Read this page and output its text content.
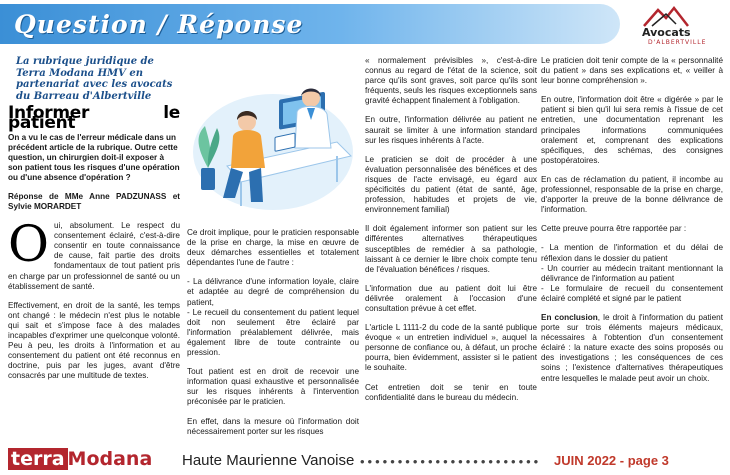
Question / Réponse	Avocats
D'ALBERTVILLE
La rubrique juridique de
Terra Modana HMV en
partenariat avec les avocats
du Barreau d'Albertville
Informer le patient

On a vu le cas de l'erreur médicale dans un précédent article de la rubrique. Outre cette question, un chirurgien doit-il exposer à son patient tous les risques d'une opération ou d'une absence d'opération ?

Réponse de MMe Anne PADZUNASS et Sylvie MORARDET

Oui, absolument. Le respect du consentement éclairé, c'est-à-dire consentir en toute connaissance de cause, fait partie des droits fondamentaux de tout patient pris en charge par un professionnel de santé ou un établissement de santé.

Effectivement, en droit de la santé, les temps ont changé : le médecin n'est plus le notable qui sait et s'impose face à des malades incapables d'exprimer une quelconque volonté. Peu à peu, les droits à l'information et au consentement du patient ont été reconnus en doctrine, puis par les juges, avant d'être consacrés par une multitude de textes.

Ce droit implique, pour le praticien responsable de la prise en charge, la mise en œuvre de deux démarches essentielles et totalement dépendantes l'une de l'autre :

- La délivrance d'une information loyale, claire et adaptée au degré de compréhension du patient,

- Le recueil du consentement du patient lequel doit non seulement être éclairé par l'information préalablement délivrée, mais également libre de toute contrainte ou pression.

Tout patient est en droit de recevoir une information quasi exhaustive et personnalisée sur les risques inhérents à l'intervention préconisée par le praticien.

En effet, dans la mesure où l'information doit nécessairement porter sur les risques

« normalement prévisibles », c'est-à-dire connus au regard de l'état de la science, soit parce qu'ils sont graves, soit parce qu'ils sont fréquents, seuls les risques exceptionnels sans gravité échappent finalement à l'obligation.

En outre, l'information délivrée au patient ne saurait se limiter à une information standard sur les risques inhérents à l'acte.

Le praticien se doit de procéder à une évaluation personnalisée des bénéfices et des risques de l'acte envisagé, eu égard aux spécificités du patient (état de santé, âge, profession, habitudes et projets de vie, environnement familial)

Il doit également informer son patient sur les différentes alternatives thérapeutiques susceptibles de remédier à sa pathologie, laissant à ce dernier le libre choix compte tenu de l'évaluation bénéfices / risques.

L'information due au patient doit lui être délivrée oralement à l'occasion d'une consultation prévue à cet effet.

L'article L 1111-2 du code de la santé publique évoque « un entretien individuel », auquel la personne de confiance ou, à défaut, un proche pourra, bien évidemment, assister si le patient le souhaite.

Cet entretien doit se tenir en toute confidentialité dans le bureau du médecin.

Le praticien doit tenir compte de la « personnalité du patient » dans ses explications et, « veiller à leur bonne compréhension ».

En outre, l'information doit être « digérée » par le patient si bien qu'il lui sera remis à l'issue de cet entretien, une documentation reprenant les principales informations communiquées oralement et, comprenant des explications spécifiques, des schémas, des consignes postopératoires.

En cas de réclamation du patient, il incombe au professionnel, responsable de la prise en charge, d'apporter la preuve de la bonne délivrance de l'information.

Cette preuve pourra être rapportée par :

- La mention de l'information et du délai de réflexion dans le dossier du patient

- Un courrier au médecin traitant mentionnant la délivrance de l'information au patient

- Le formulaire de recueil du consentement éclairé complété et signé par le patient

En conclusion, le droit à l'information du patient porte sur trois éléments majeurs médicaux, nécessaires à l'obtention d'un consentement éclairé : la nature exacte des soins proposés ou des investigations ; les conséquences de ces soins ; l'existence d'alternatives thérapeutiques entre lesquelles le malade peut avoir un choix.

terra Modana Haute Maurienne Vanoise •••••••••••••••••••••••• JUIN 2022 - page 3
